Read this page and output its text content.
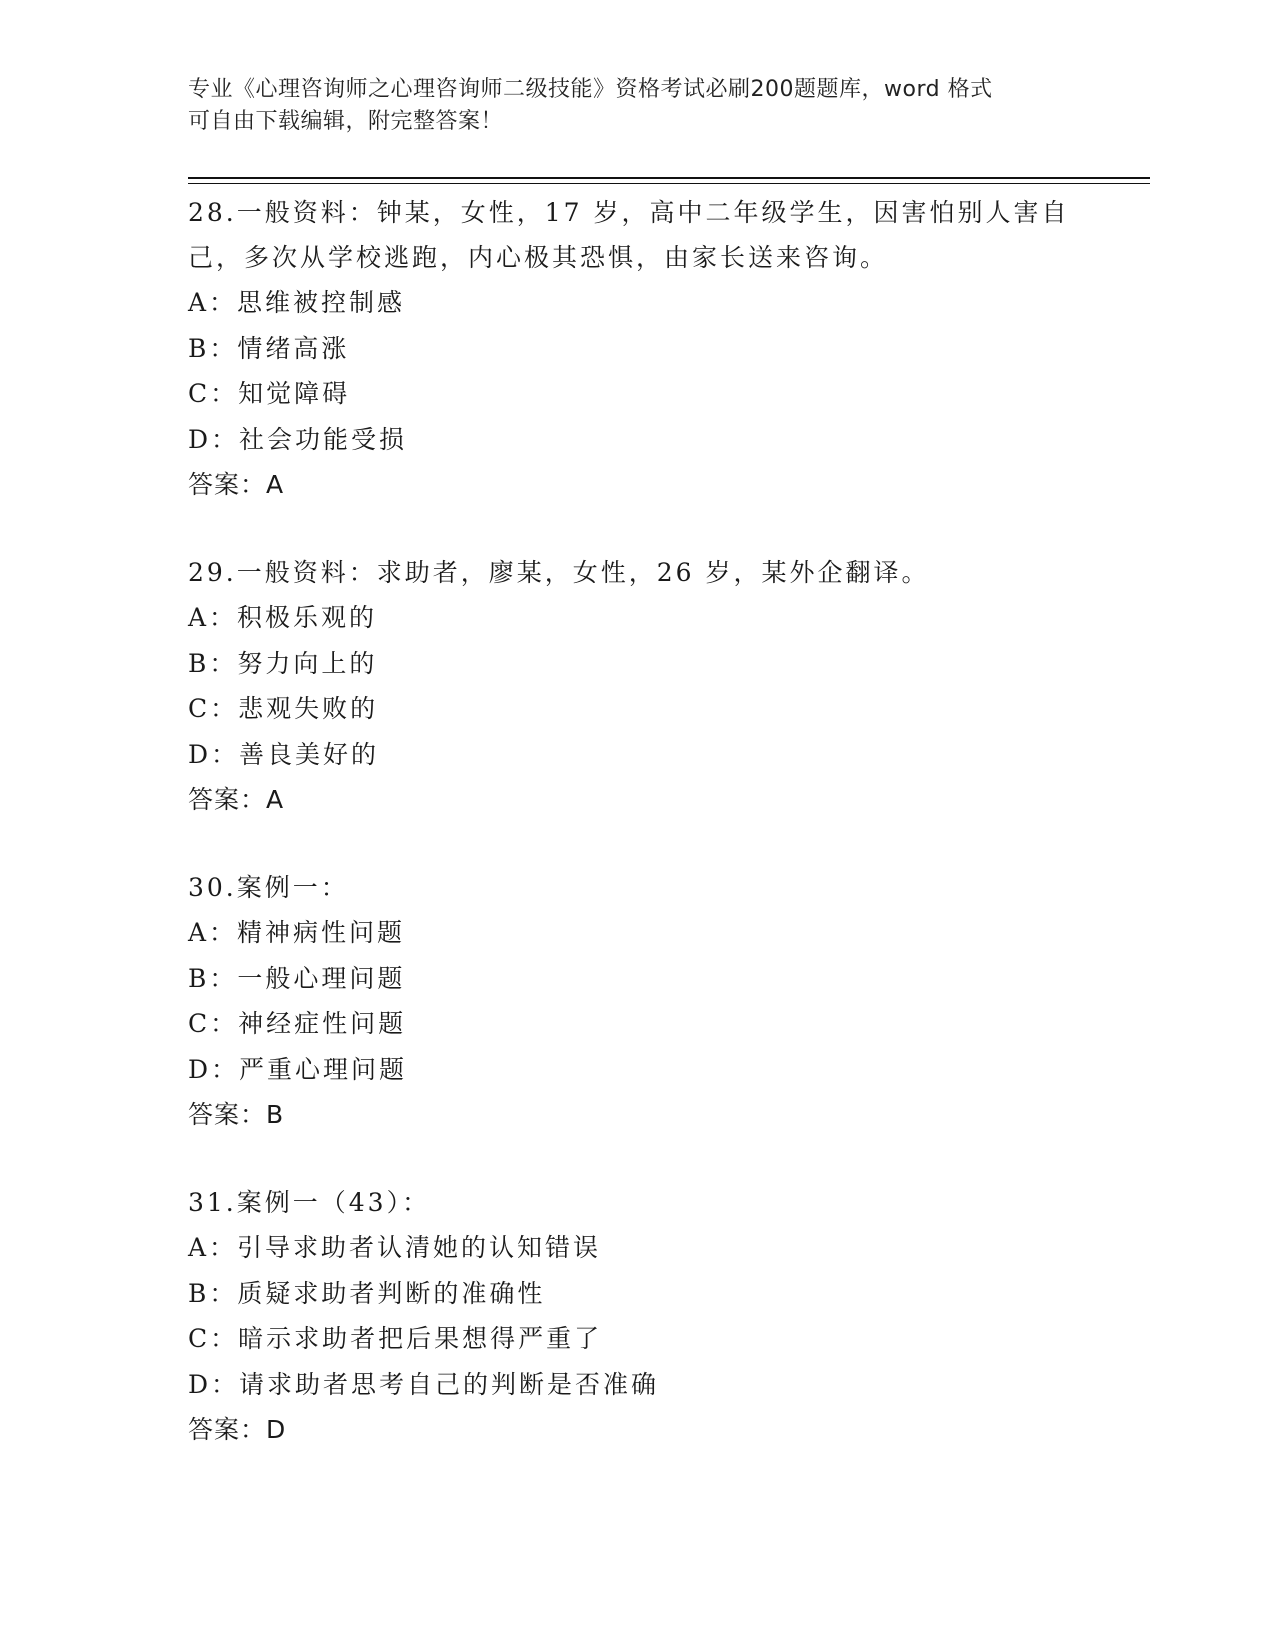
专业《心理咨询师之心理咨询师二级技能》资格考试必刷200题题库，word 格式
可自由下载编辑，附完整答案！

28.一般资料：钟某，女性，17 岁，高中二年级学生，因害怕别人害自

己，多次从学校逃跑，内心极其恐惧，由家长送来咨询。

A：思维被控制感

B：情绪高涨

C：知觉障碍

D：社会功能受损

答案：A

29.一般资料：求助者，廖某，女性，26 岁，某外企翻译。

A：积极乐观的

B：努力向上的

C：悲观失败的

D：善良美好的

答案：A

30.案例一：

A：精神病性问题

B：一般心理问题

C：神经症性问题

D：严重心理问题

答案：B

31.案例一（43）：

A：引导求助者认清她的认知错误

B：质疑求助者判断的准确性

C：暗示求助者把后果想得严重了

D：请求助者思考自己的判断是否准确

答案：D
